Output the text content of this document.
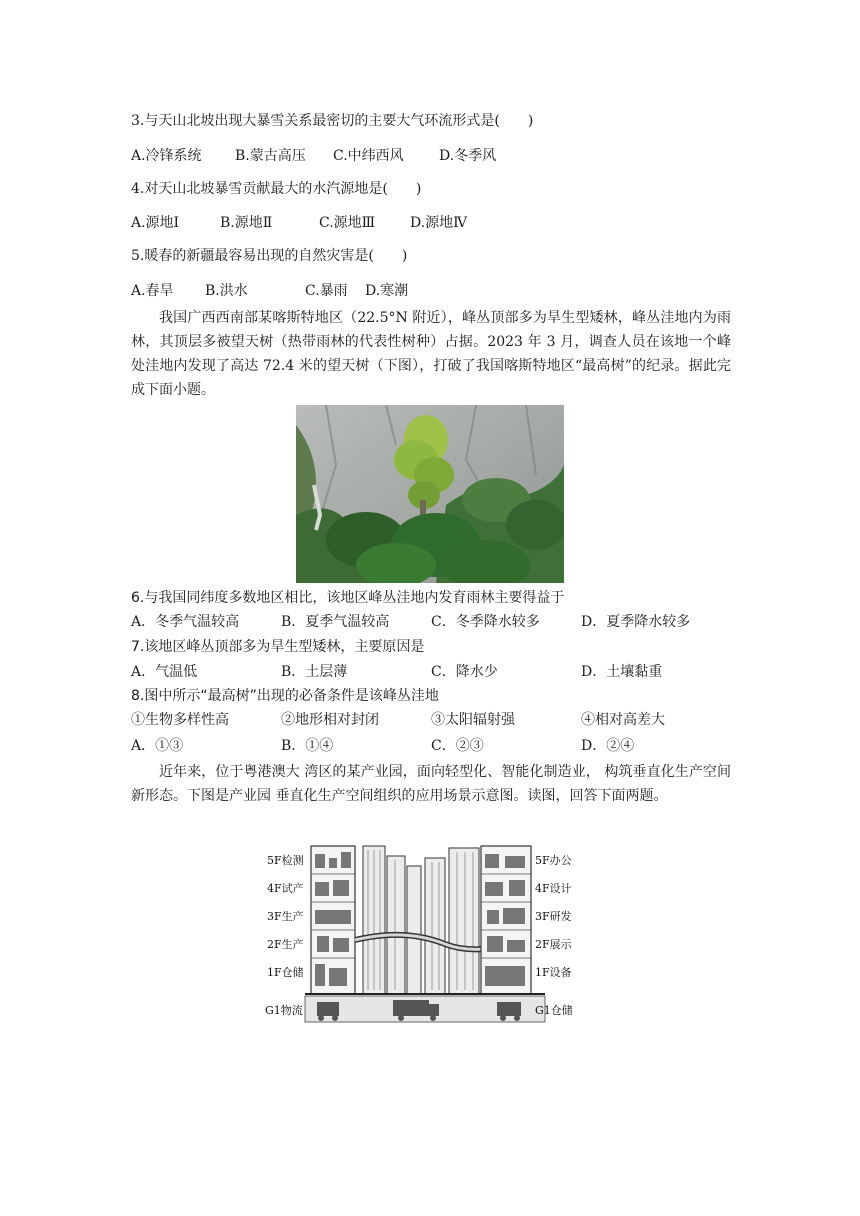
3.与天山北坡出现大暴雪关系最密切的主要大气环流形式是(　　)
A.冷锋系统 B.蒙古高压 C.中纬西风	D.冬季风
4.对天山北坡暴雪贡献最大的水汽源地是(　　)
A.源地Ⅰ	B.源地Ⅱ	C.源地Ⅲ D.源地Ⅳ
5.暖春的新疆最容易出现的自然灾害是(　　)
A.春旱 B.洪水	C.暴雨 D.寒潮
我国广西西南部某喀斯特地区（22.5°N 附近），峰丛顶部多为旱生型矮林，峰丛洼地内为雨林，其顶层多被望天树（热带雨林的代表性树种）占据。2023 年 3 月，调查人员在该地一个峰处洼地内发现了高达 72.4 米的望天树（下图），打破了我国喀斯特地区“最高树”的纪录。据此完成下面小题。
6.与我国同纬度多数地区相比，该地区峰丛洼地内发育雨林主要得益于
A．冬季气温较高	B．夏季气温较高	C．冬季降水较多	D．夏季降水较多
7.该地区峰丛顶部多为旱生型矮林，主要原因是
A．气温低	B．土层薄	C．降水少	D．土壤黏重
8.图中所示“最高树”出现的必备条件是该峰丛洼地
①生物多样性高	②地形相对封闭	③太阳辐射强	④相对高差大
A．①③	B．①④	C．②③	D．②④
近年来，位于粤港澳大 湾区的某产业园，面向轻型化、智能化制造业， 构筑垂直化生产空间新形态。下图是产业园 垂直化生产空间组织的应用场景示意图。读图，回答下面两题。
5F检测
4F试产
3F生产
2F生产
1F仓储
G1物流
5F办公
4F设计
3F研发
2F展示
1F设备
G1仓储
